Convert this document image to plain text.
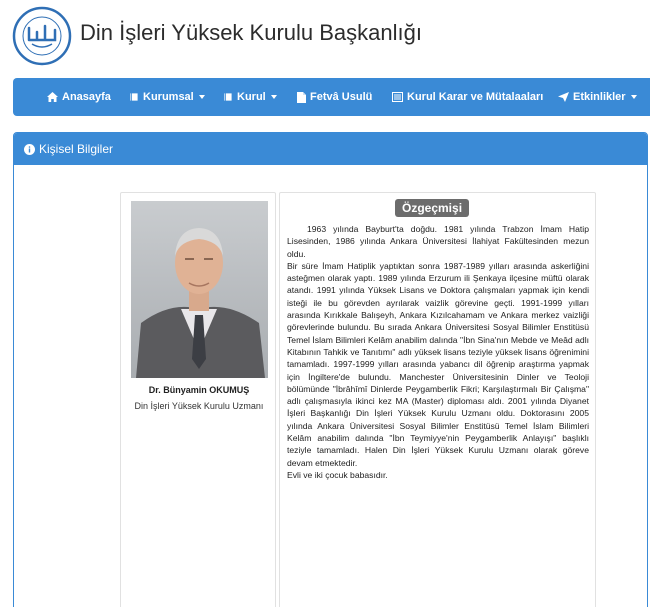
Din İşleri Yüksek Kurulu Başkanlığı
Anasayfa	Kurumsal	Kurul	Fetvâ Usulü	Kurul Karar ve Mütalaaları	Etkinlikler
Kişisel Bilgiler
Dr. Bünyamin OKUMUŞ
Din İşleri Yüksek Kurulu Uzmanı
Özgeçmişi

1963 yılında Bayburt'ta doğdu. 1981 yılında Trabzon İmam Hatip Lisesinden, 1986 yılında Ankara Üniversitesi İlahiyat Fakültesinden mezun oldu.

Bir süre İmam Hatiplik yaptıktan sonra 1987-1989 yılları arasında askerliğini asteğmen olarak yaptı. 1989 yılında Erzurum ili Şenkaya ilçesine müftü olarak atandı. 1991 yılında Yüksek Lisans ve Doktora çalışmaları yapmak için kendi isteği ile bu görevden ayrılarak vaizlik görevine geçti. 1991-1999 yılları arasında Kırıkkale Balışeyh, Ankara Kızılcahamam ve Ankara merkez vaizliği görevlerinde bulundu. Bu sırada Ankara Üniversitesi Sosyal Bilimler Enstitüsü Temel İslam Bilimleri Kelâm anabilim dalında "İbn Sina'nın Mebde ve Meâd adlı Kitabının Tahkik ve Tanıtımı" adlı yüksek lisans teziyle yüksek lisans öğrenimini tamamladı. 1997-1999 yılları arasında yabancı dil öğrenip araştırma yapmak için İngiltere'de bulundu. Manchester Üniversitesinin Dinler ve Teoloji bölümünde "İbrâhîmî Dinlerde Peygamberlik Fikri; Karşılaştırmalı Bir Çalışma" adlı çalışmasıyla ikinci kez MA (Master) diploması aldı. 2001 yılında Diyanet İşleri Başkanlığı Din İşleri Yüksek Kurulu Uzmanı oldu. Doktorasını 2005 yılında Ankara Üniversitesi Sosyal Bilimler Enstitüsü Temel İslam Bilimleri Kelâm anabilim dalında "İbn Teymiyye'nin Peygamberlik Anlayışı" başlıklı teziyle tamamladı. Halen Din İşleri Yüksek Kurulu Uzmanı olarak göreve devam etmektedir.

Evli ve iki çocuk babasıdır.
